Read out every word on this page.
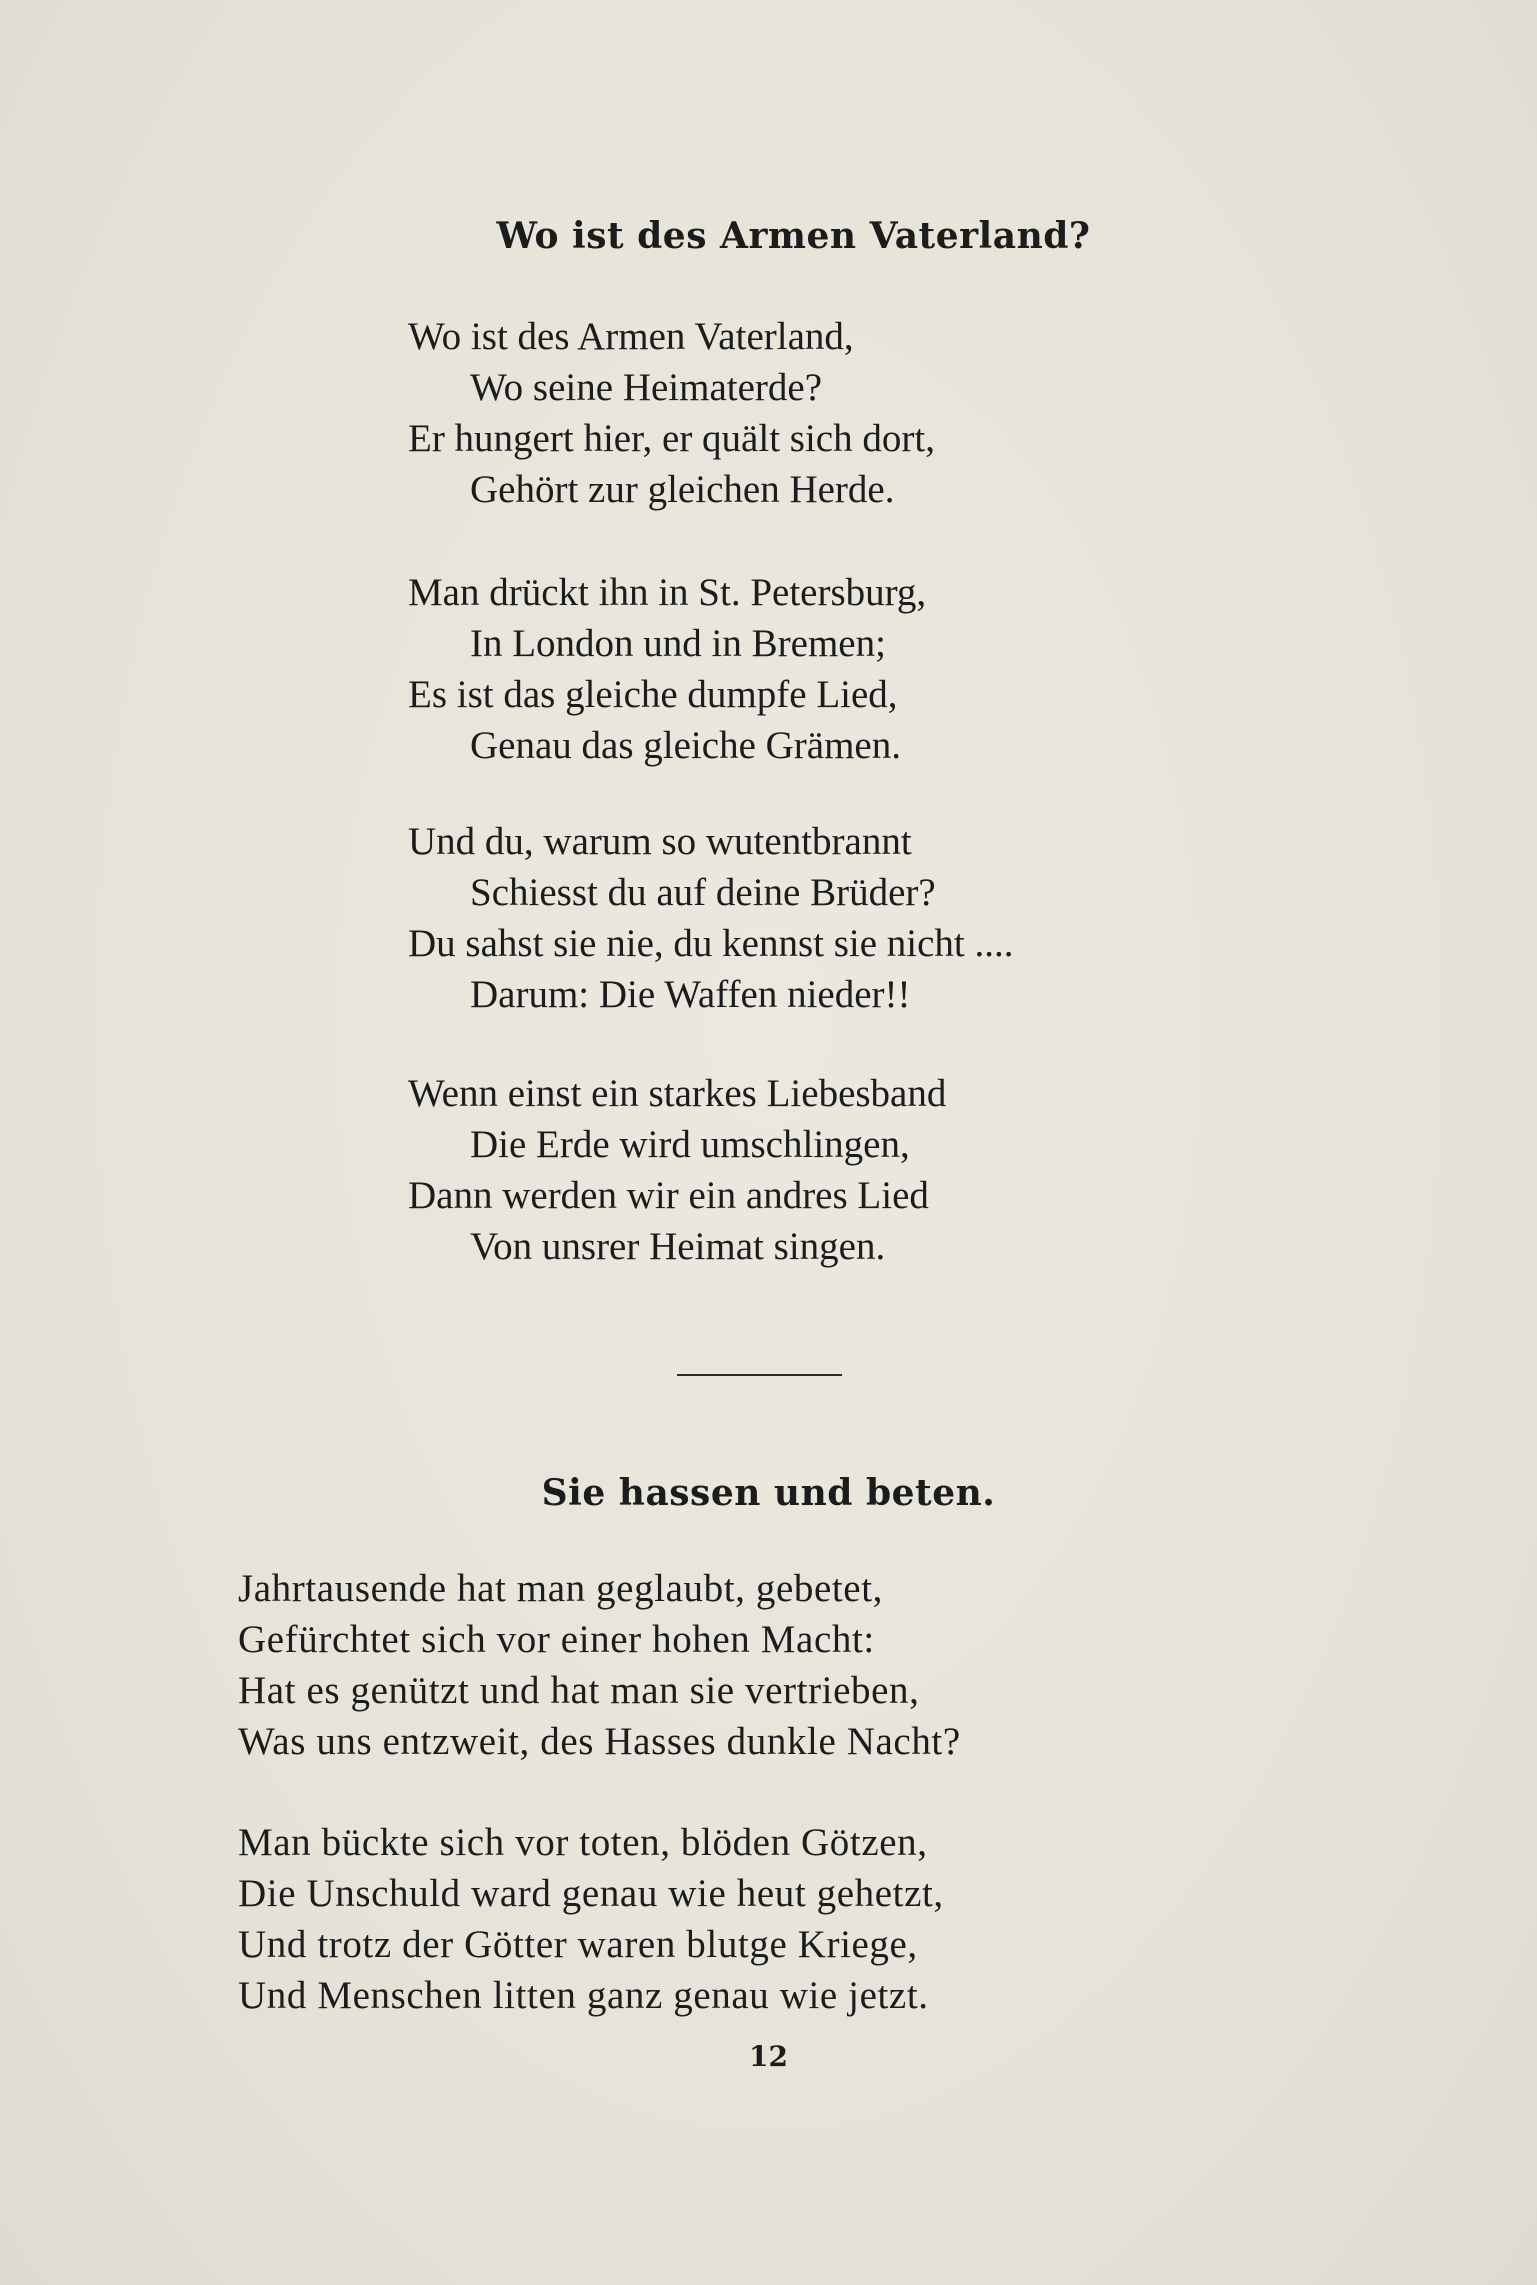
Wo ist des Armen Vaterland?
Wo ist des Armen Vaterland,
Wo seine Heimaterde?
Er hungert hier, er quält sich dort,
Gehört zur gleichen Herde.
Man drückt ihn in St. Petersburg,
In London und in Bremen;
Es ist das gleiche dumpfe Lied,
Genau das gleiche Grämen.
Und du, warum so wutentbrannt
Schiesst du auf deine Brüder?
Du sahst sie nie, du kennst sie nicht ....
Darum: Die Waffen nieder!!
Wenn einst ein starkes Liebesband
Die Erde wird umschlingen,
Dann werden wir ein andres Lied
Von unsrer Heimat singen.
Sie hassen und beten.
Jahrtausende hat man geglaubt, gebetet,
Gefürchtet sich vor einer hohen Macht:
Hat es genützt und hat man sie vertrieben,
Was uns entzweit, des Hasses dunkle Nacht?
Man bückte sich vor toten, blöden Götzen,
Die Unschuld ward genau wie heut gehetzt,
Und trotz der Götter waren blutge Kriege,
Und Menschen litten ganz genau wie jetzt.
12
